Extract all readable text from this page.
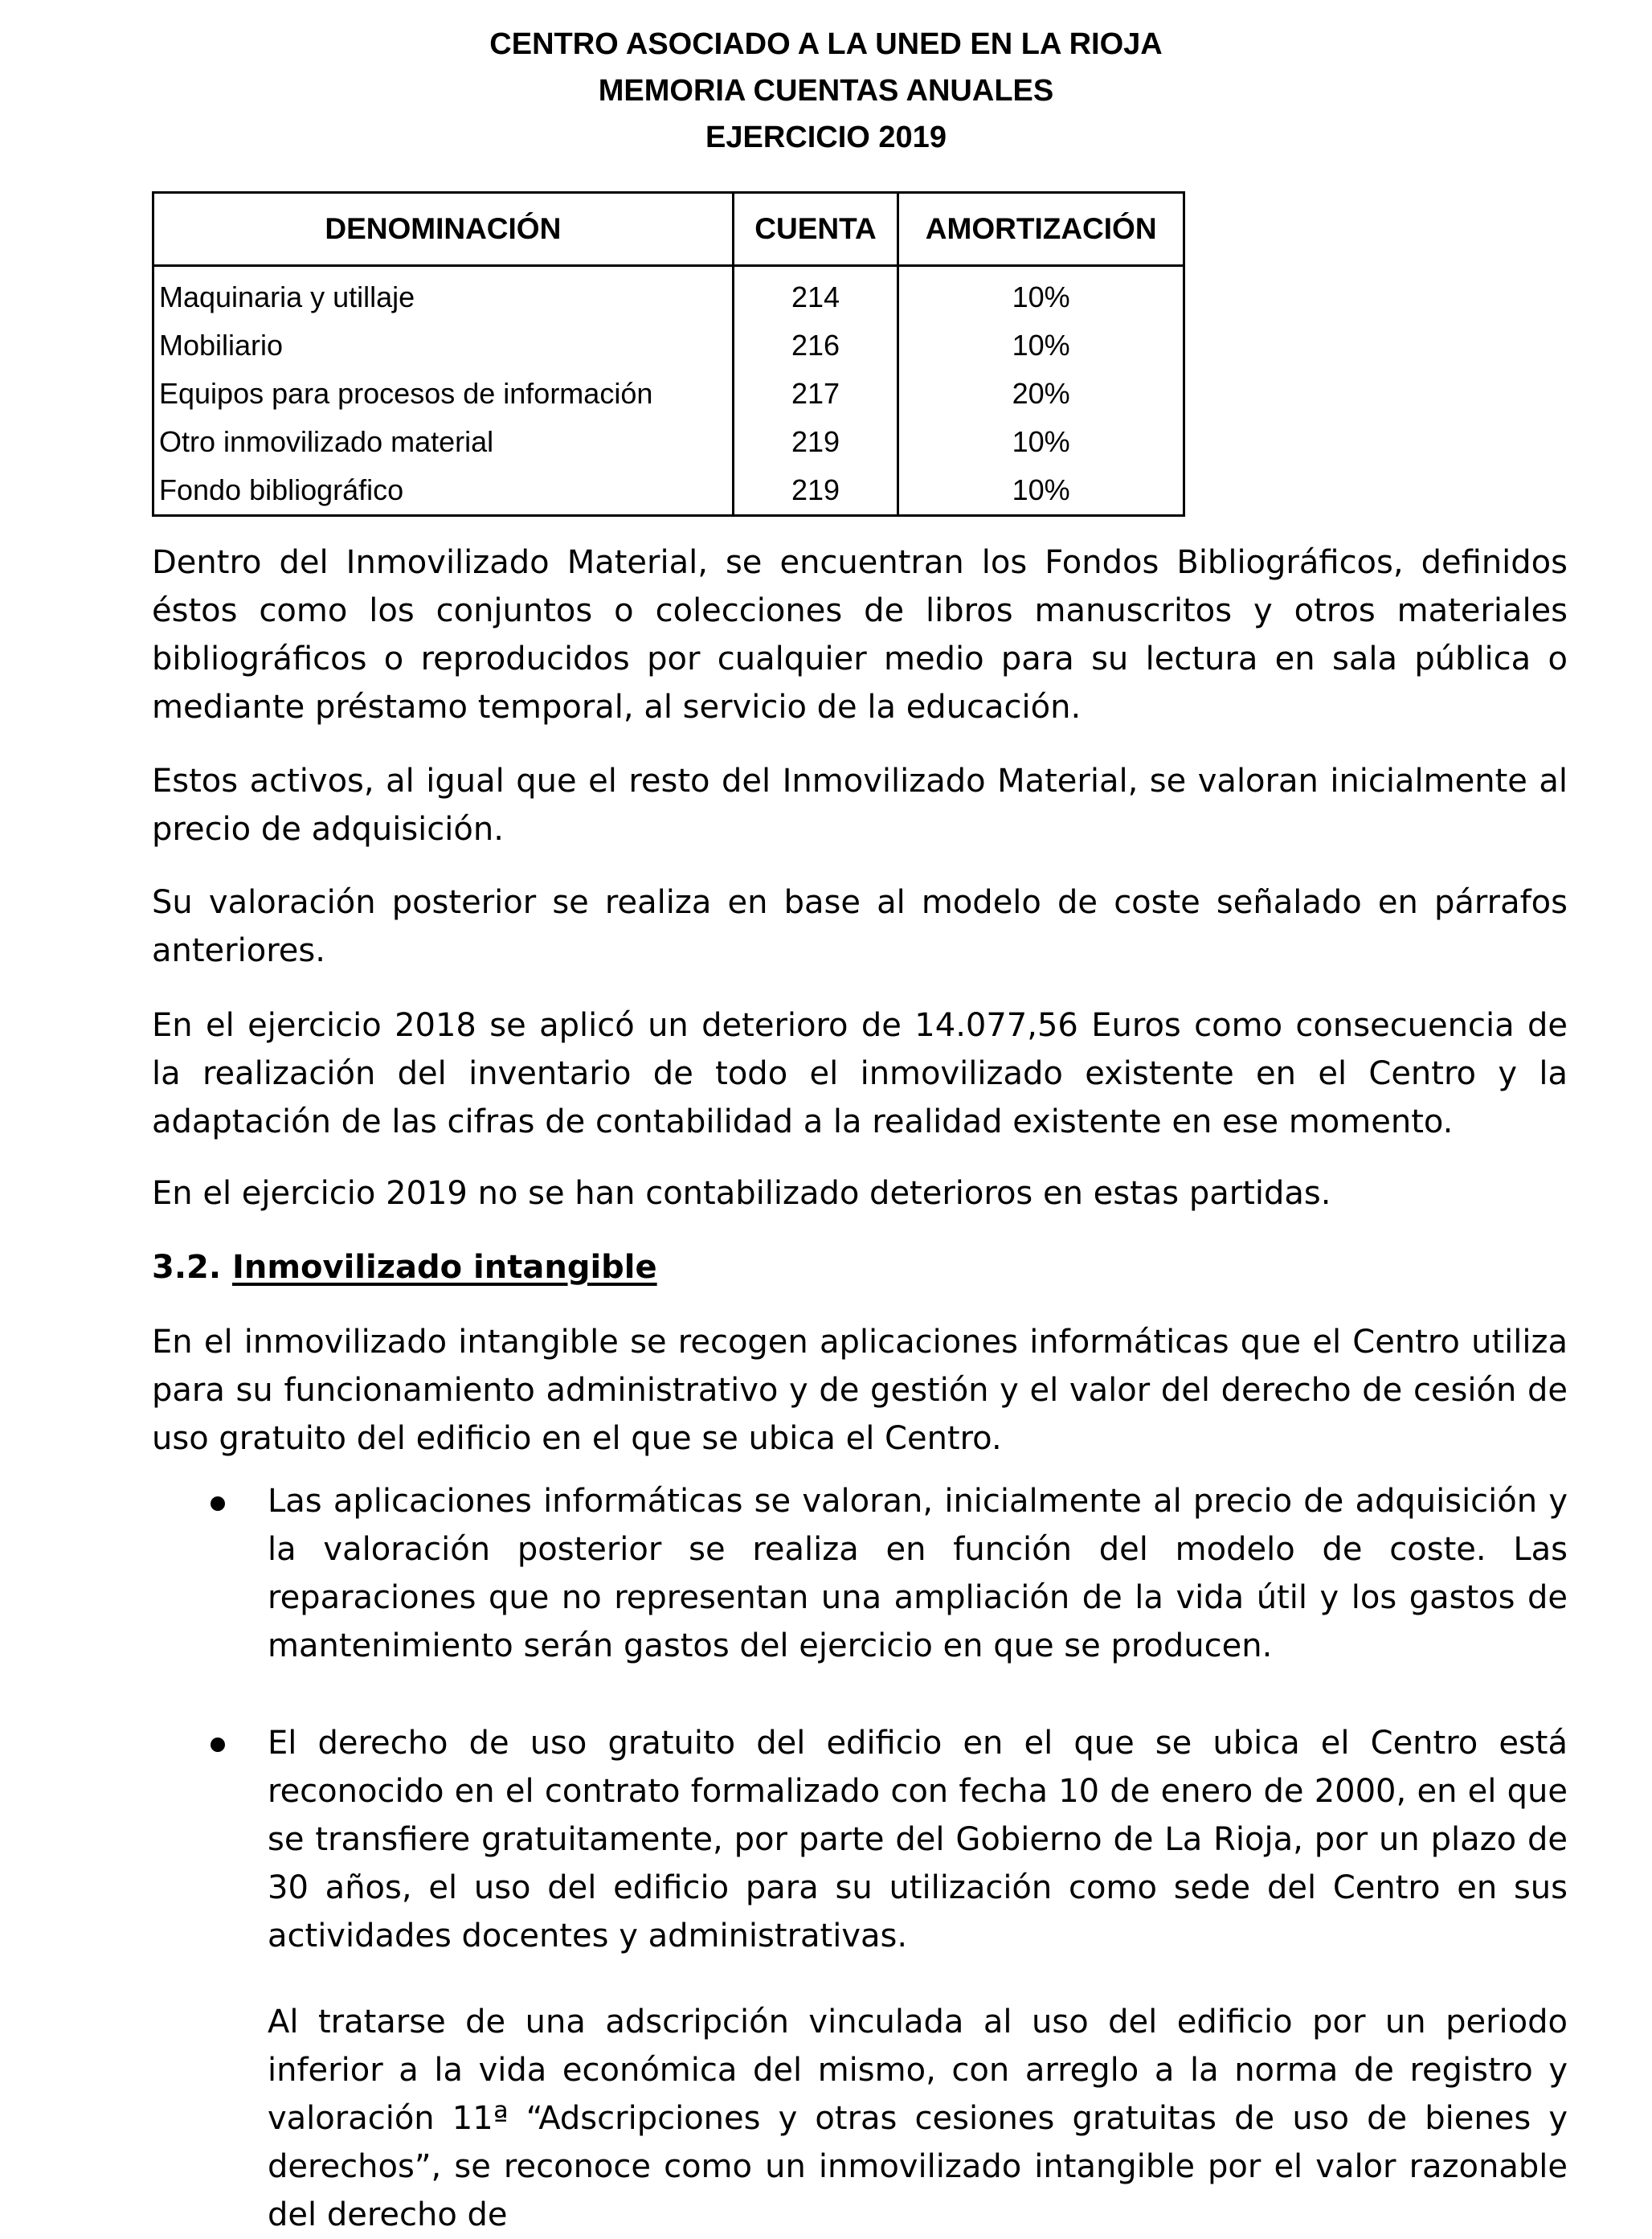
CENTRO ASOCIADO A LA UNED EN LA RIOJA
MEMORIA CUENTAS ANUALES
EJERCICIO 2019
DENOMINACIÓN	CUENTA	AMORTIZACIÓN
Maquinaria y utillaje	214	10%
Mobiliario	216	10%
Equipos para procesos de información	217	20%
Otro inmovilizado material	219	10%
Fondo bibliográfico	219	10%

Dentro del Inmovilizado Material, se encuentran los Fondos Bibliográficos, definidos éstos como los conjuntos o colecciones de libros manuscritos y otros materiales bibliográficos o reproducidos por cualquier medio para su lectura en sala pública o mediante préstamo temporal, al servicio de la educación.

Estos activos, al igual que el resto del Inmovilizado Material, se valoran inicialmente al precio de adquisición.

Su valoración posterior se realiza en base al modelo de coste señalado en párrafos anteriores.

En el ejercicio 2018 se aplicó un deterioro de 14.077,56 Euros como consecuencia de la realización del inventario de todo el inmovilizado existente en el Centro y la adaptación de las cifras de contabilidad a la realidad existente en ese momento.

En el ejercicio 2019 no se han contabilizado deterioros en estas partidas.

3.2. Inmovilizado intangible

En el inmovilizado intangible se recogen aplicaciones informáticas que el Centro utiliza para su funcionamiento administrativo y de gestión y el valor del derecho de cesión de uso gratuito del edificio en el que se ubica el Centro.

Las aplicaciones informáticas se valoran, inicialmente al precio de adquisición y la valoración posterior se realiza en función del modelo de coste. Las reparaciones que no representan una ampliación de la vida útil y los gastos de mantenimiento serán gastos del ejercicio en que se producen.

El derecho de uso gratuito del edificio en el que se ubica el Centro está reconocido en el contrato formalizado con fecha 10 de enero de 2000, en el que se transfiere gratuitamente, por parte del Gobierno de La Rioja, por un plazo de 30 años, el uso del edificio para su utilización como sede del Centro en sus actividades docentes y administrativas.

Al tratarse de una adscripción vinculada al uso del edificio por un periodo inferior a la vida económica del mismo, con arreglo a la norma de registro y valoración 11ª “Adscripciones y otras cesiones gratuitas de uso de bienes y derechos”, se reconoce como un inmovilizado intangible por el valor razonable del derecho de
